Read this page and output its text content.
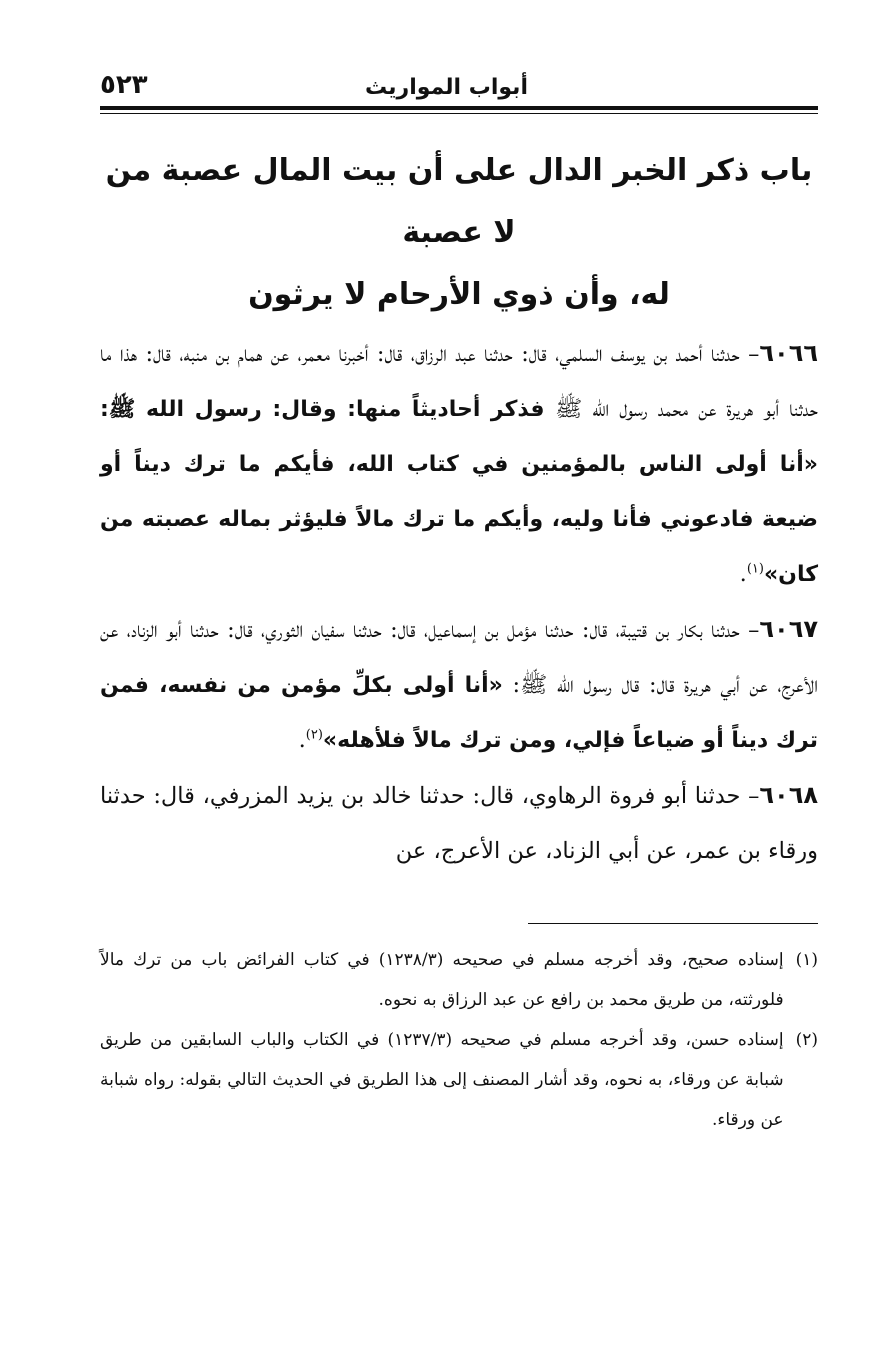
أبواب المواريث
٥٢٣
باب ذكر الخبر الدال على أن بيت المال عصبة من لا عصبة
له، وأن ذوي الأرحام لا يرثون

٦٠٦٦– حدثنا أحمد بن يوسف السلمي، قال: حدثنا عبد الرزاق، قال: أخبرنا معمر، عن همام بن منبه، قال: هذا ما حدثنا أبو هريرة عن محمد رسول الله ﷺ فذكر أحاديثاً منها: وقال: رسول الله ﷺ: «أنا أولى الناس بالمؤمنين في كتاب الله، فأيكم ما ترك ديناً أو ضيعة فادعوني فأنا وليه، وأيكم ما ترك مالاً فليؤثر بماله عصبته من كان»$^{(١)}$.

٦٠٦٧– حدثنا بكار بن قتيبة، قال: حدثنا مؤمل بن إسماعيل، قال: حدثنا سفيان الثوري، قال: حدثنا أبو الزناد، عن الأعرج، عن أبي هريرة قال: قال رسول الله ﷺ: «أنا أولى بكلِّ مؤمن من نفسه، فمن ترك ديناً أو ضياعاً فإلي، ومن ترك مالاً فلأهله»$^{(٢)}$.

٦٠٦٨– حدثنا أبو فروة الرهاوي، قال: حدثنا خالد بن يزيد المزرفي، قال: حدثنا ورقاء بن عمر، عن أبي الزناد، عن الأعرج، عن

(١)
إسناده صحيح، وقد أخرجه مسلم في صحيحه (١٢٣٨/٣) في كتاب الفرائض باب من ترك مالاً فلورثته، من طريق محمد بن رافع عن عبد الرزاق به نحوه.

(٢)
إسناده حسن، وقد أخرجه مسلم في صحيحه (١٢٣٧/٣) في الكتاب والباب السابقين من طريق شبابة عن ورقاء، به نحوه، وقد أشار المصنف إلى هذا الطريق في الحديث التالي بقوله: رواه شبابة عن ورقاء.
